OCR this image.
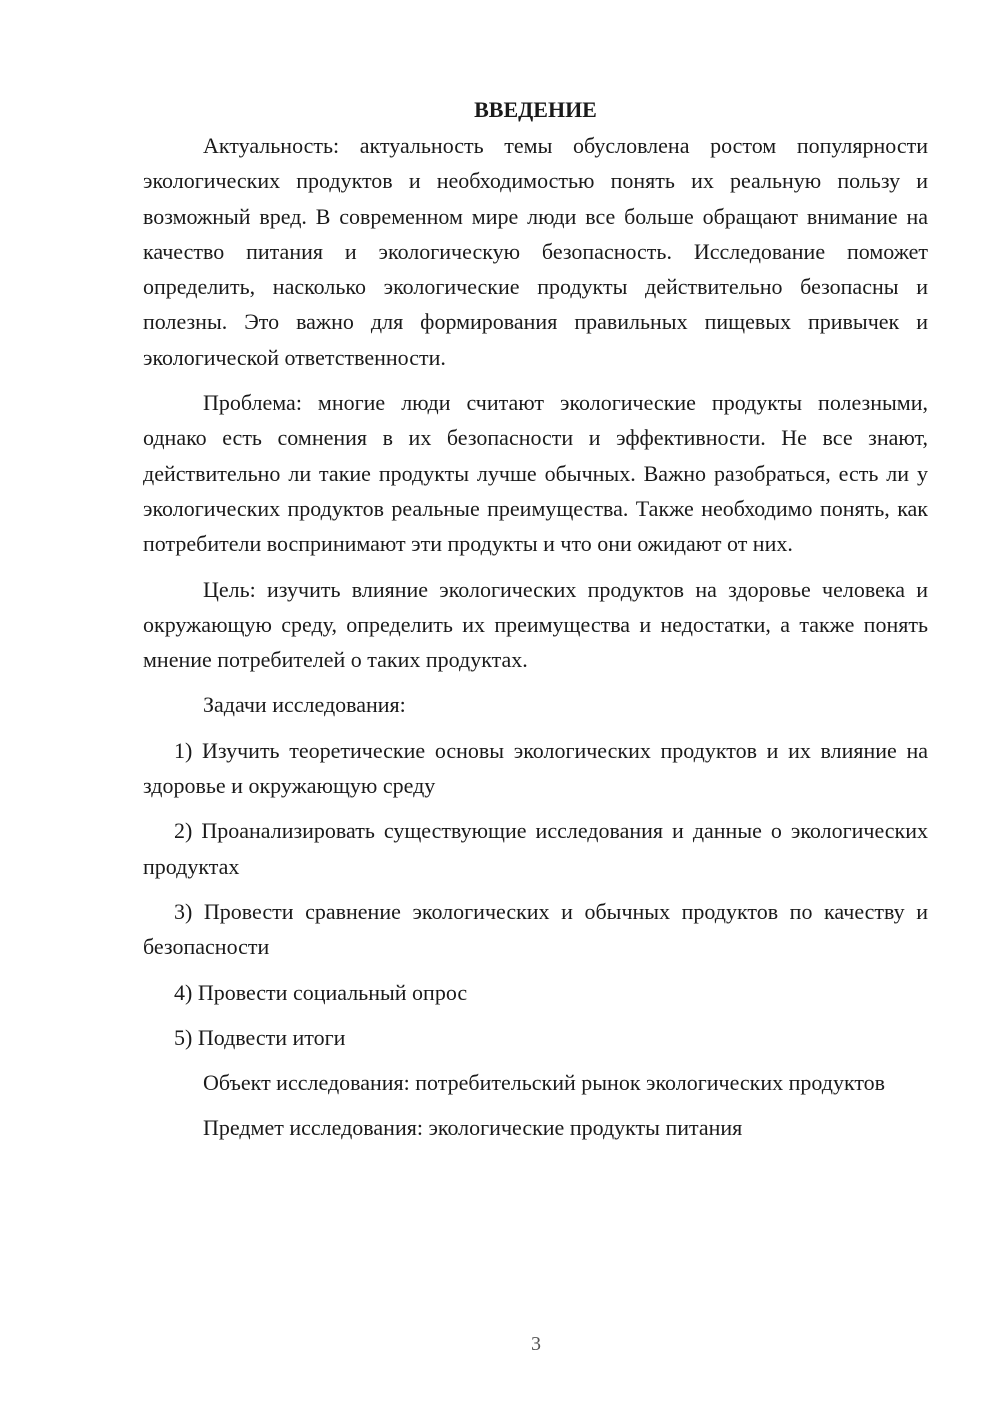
ВВЕДЕНИЕ

Актуальность: актуальность темы обусловлена ростом популярности экологических продуктов и необходимостью понять их реальную пользу и возможный вред. В современном мире люди все больше обращают внимание на качество питания и экологическую безопасность. Исследование поможет определить, насколько экологические продукты действительно безопасны и полезны. Это важно для формирования правильных пищевых привычек и экологической ответственности.

Проблема: многие люди считают экологические продукты полезными, однако есть сомнения в их безопасности и эффективности. Не все знают, действительно ли такие продукты лучше обычных. Важно разобраться, есть ли у экологических продуктов реальные преимущества. Также необходимо понять, как потребители воспринимают эти продукты и что они ожидают от них.

Цель: изучить влияние экологических продуктов на здоровье человека и окружающую среду, определить их преимущества и недостатки, а также понять мнение потребителей о таких продуктах.

Задачи исследования:

1) Изучить теоретические основы экологических продуктов и их влияние на здоровье и окружающую среду

2) Проанализировать существующие исследования и данные о экологических продуктах

3) Провести сравнение экологических и обычных продуктов по качеству и безопасности

4) Провести социальный опрос

5) Подвести итоги

Объект исследования: потребительский рынок экологических продуктов

Предмет исследования: экологические продукты питания

3
